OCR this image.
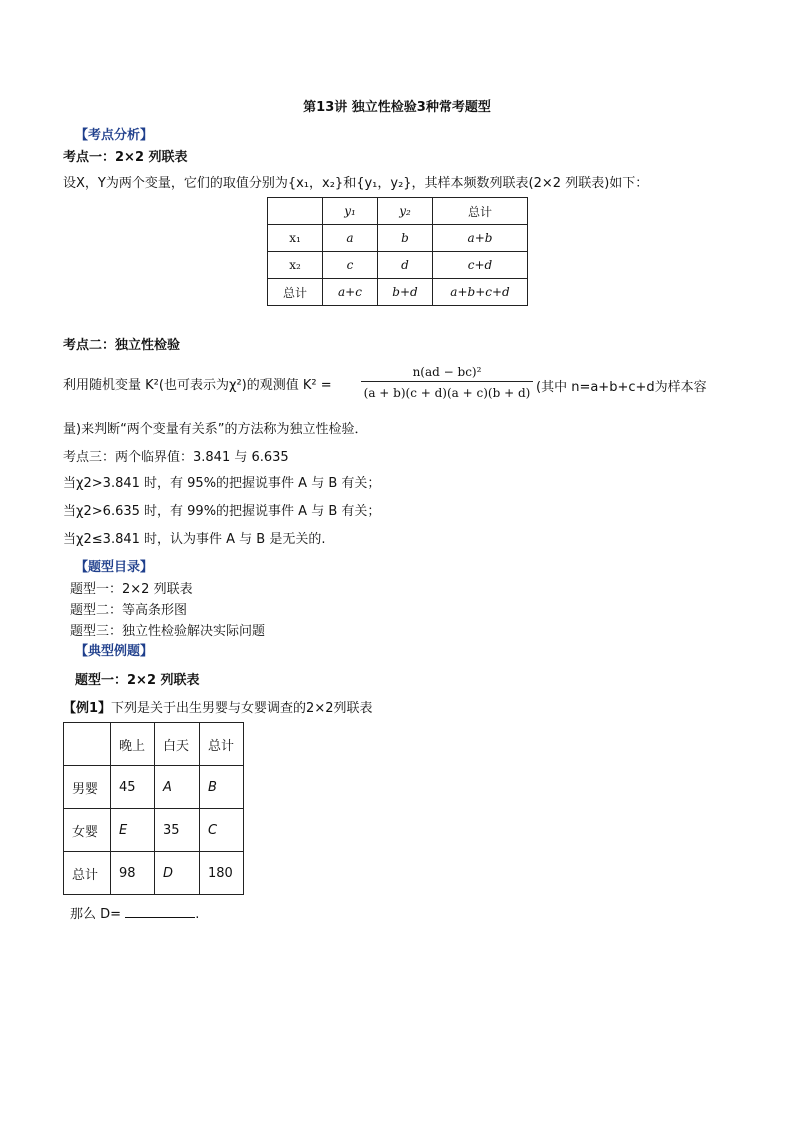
第13讲 独立性检验3种常考题型
【考点分析】
考点一：2×2 列联表
设X，Y为两个变量，它们的取值分别为{x₁，x₂}和{y₁，y₂}，其样本频数列联表(2×2 列联表)如下：
	y₁	y₂	总计
x₁	a	b	a+b
x₂	c	d	c+d
总计	a+c	b+d	a+b+c+d
考点二：独立性检验
利用随机变量 K²(也可表示为χ²)的观测值 $K^2 = \frac{\text{n(ad − bc)²}}{(a + b)(c + d)(a + c)(b + d)}$ (其中 n=a+b+c+d为样本容
量)来判断“两个变量有关系”的方法称为独立性检验．
考点三：两个临界值：3.841 与 6.635
当χ2>3.841 时，有 95%的把握说事件 A 与 B 有关；
当χ2>6.635 时，有 99%的把握说事件 A 与 B 有关；
当χ2≤3.841 时，认为事件 A 与 B 是无关的.
【题型目录】
题型一：2×2 列联表
题型二：等高条形图
题型三：独立性检验解决实际问题
【典型例题】
题型一：2×2 列联表
【例1】下列是关于出生男婴与女婴调查的2×2列联表
	晚上	白天	总计
男婴	45	A	B
女婴	E	35	C
总计	98	D	180
那么 D=	.
